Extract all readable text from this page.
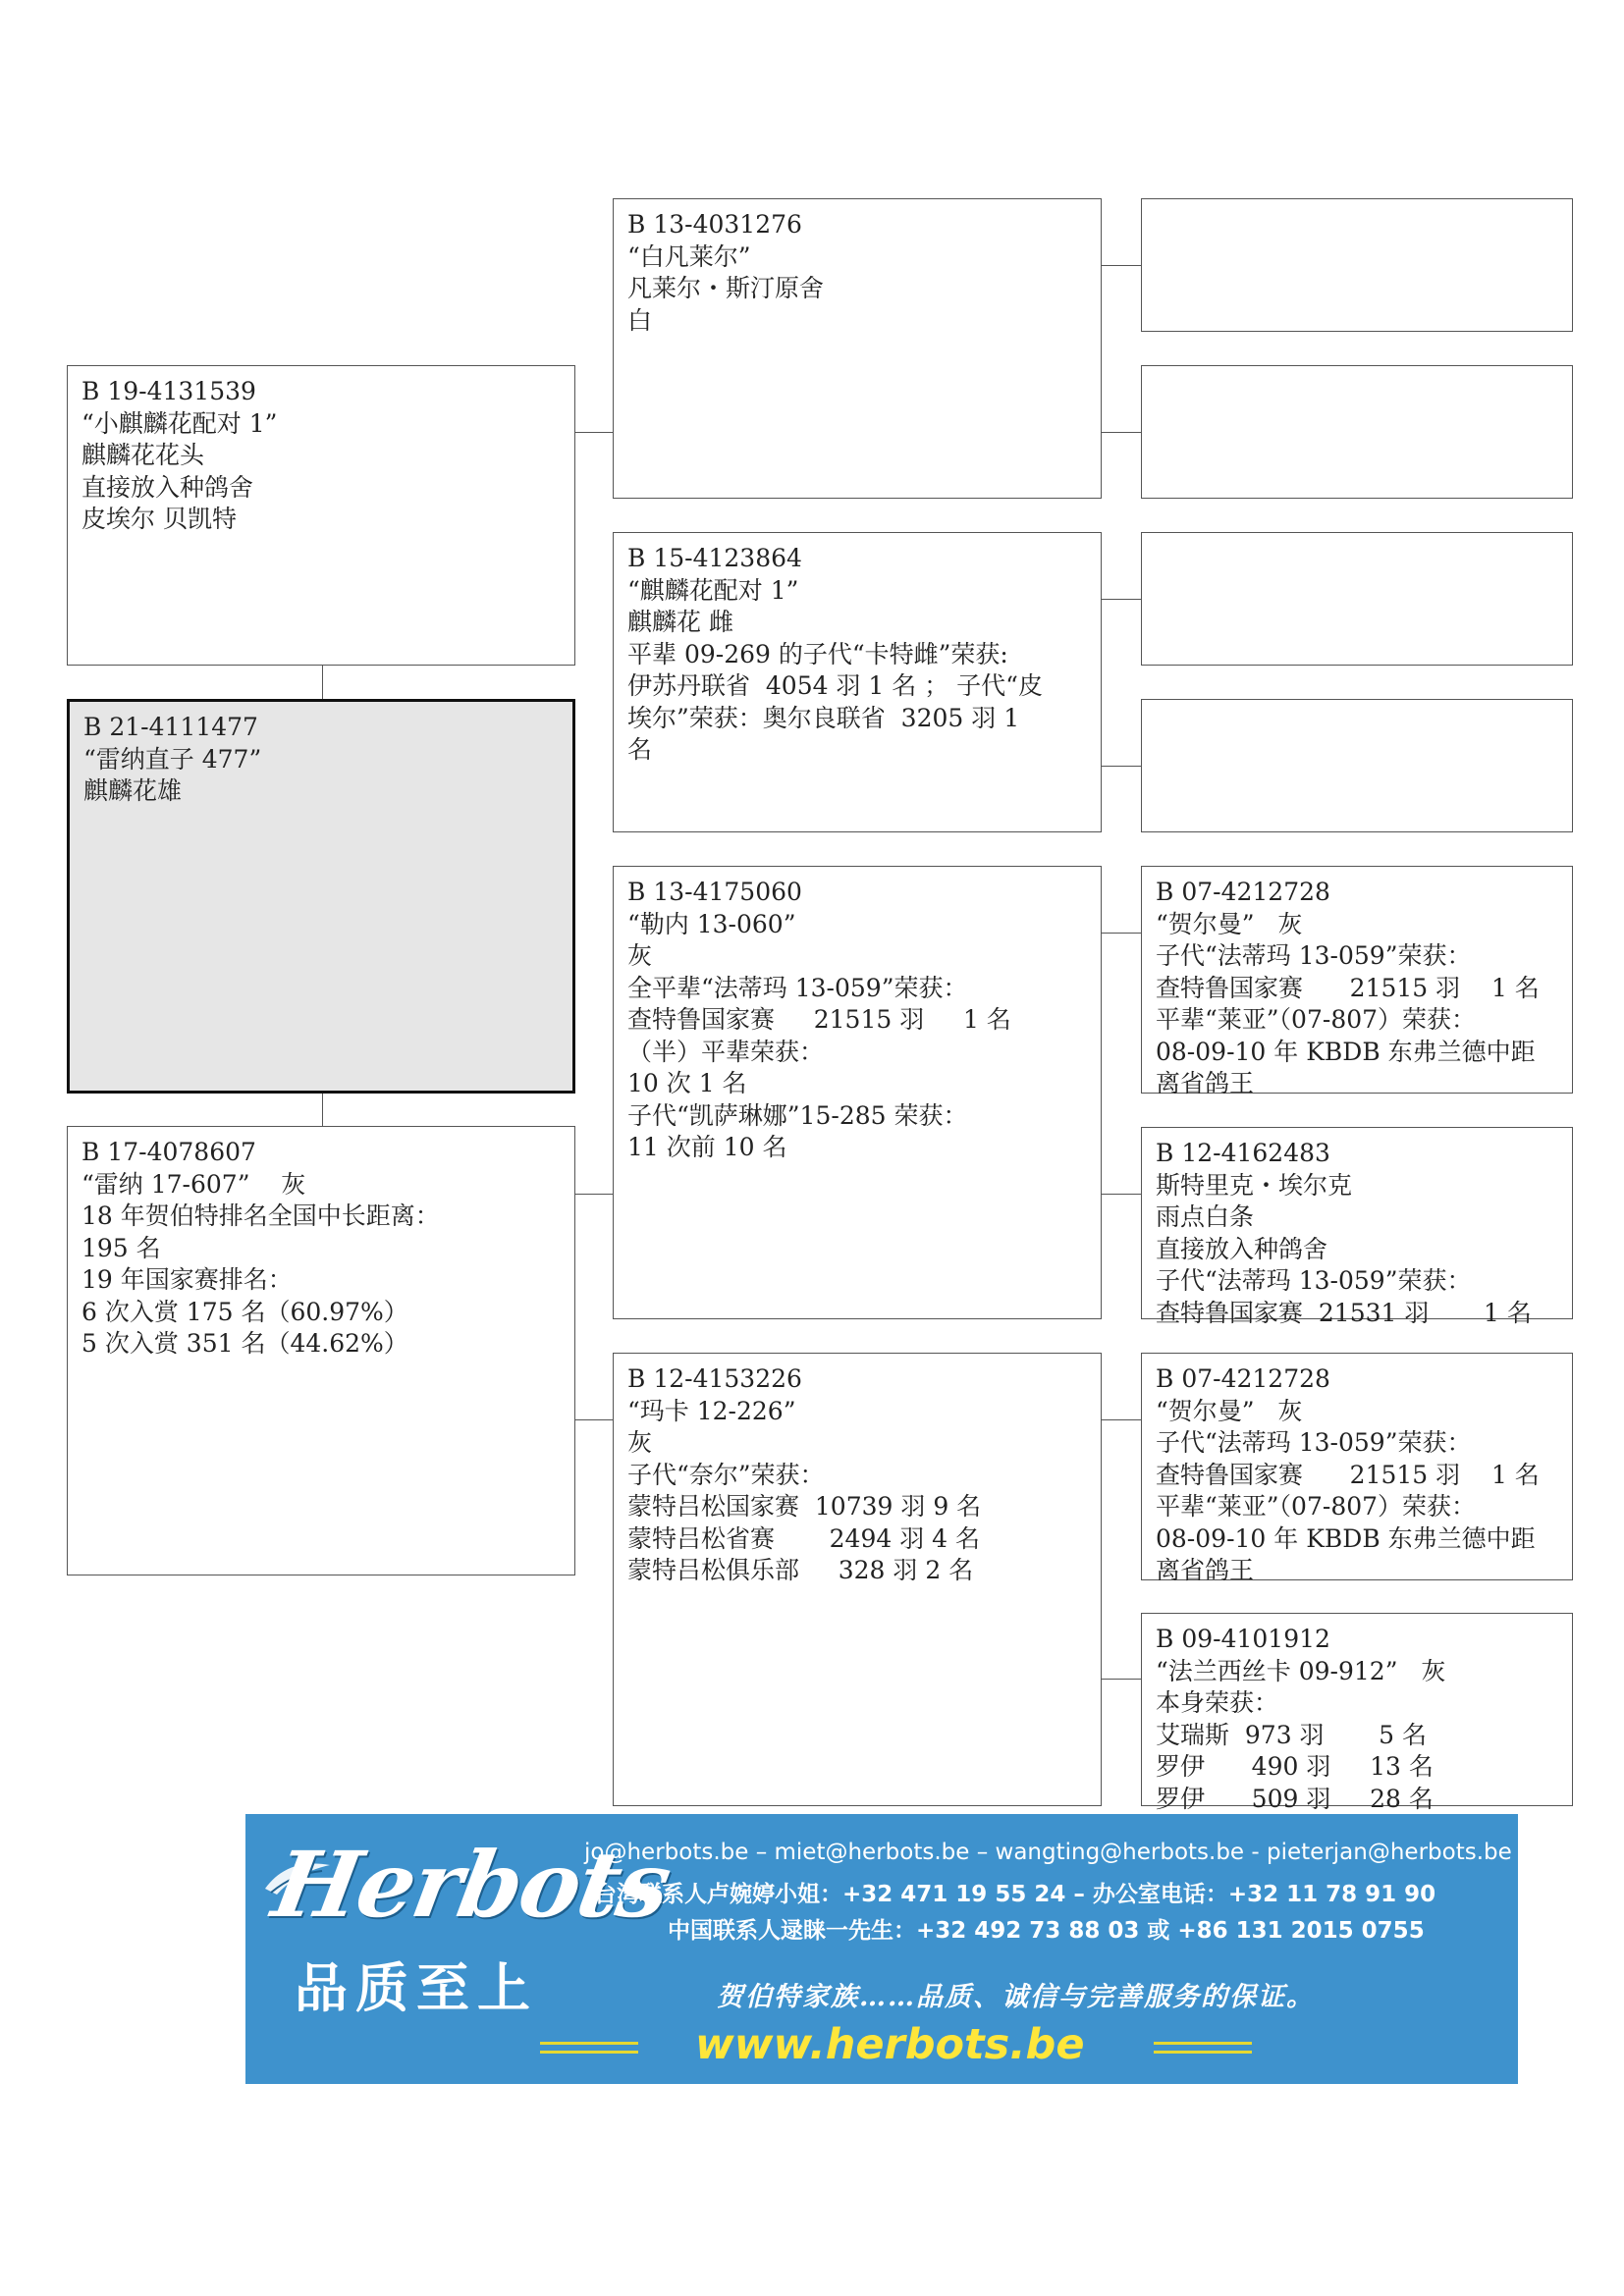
B 19-4131539
“小麒麟花配对 1”
麒麟花花头
直接放入种鸽舍
皮埃尔 贝凯特
B 21-4111477
“雷纳直子 477”
麒麟花雄
B 17-4078607
“雷纳 17-607”    灰
18 年贺伯特排名全国中长距离：
195 名
19 年国家赛排名：
6 次入赏 175 名（60.97%）
5 次入赏 351 名（44.62%）
B 13-4031276
“白凡莱尔”
凡莱尔・斯汀原舍
白
B 15-4123864
“麒麟花配对 1”
麒麟花 雌
平辈 09-269 的子代“卡特雌”荣获:
伊苏丹联省  4054 羽 1 名 ； 子代“皮
埃尔”荣获：奥尔良联省  3205 羽 1
名
B 13-4175060
“勒内 13-060”
灰
全平辈“法蒂玛 13-059”荣获：
查特鲁国家赛     21515 羽     1 名
（半）平辈荣获：
10 次 1 名
子代“凯萨琳娜”15-285 荣获：
11 次前 10 名
B 12-4153226
“玛卡 12-226”
灰
子代“奈尔”荣获：
蒙特吕松国家赛  10739 羽 9 名
蒙特吕松省赛       2494 羽 4 名
蒙特吕松俱乐部     328 羽 2 名
B 07-4212728
“贺尔曼”   灰
子代“法蒂玛 13-059”荣获：
查特鲁国家赛      21515 羽    1 名
平辈“莱亚”（07-807）荣获：
08-09-10 年 KBDB 东弗兰德中距
离省鸽王
B 12-4162483
斯特里克・埃尔克
雨点白条
直接放入种鸽舍
子代“法蒂玛 13-059”荣获：
查特鲁国家赛  21531 羽       1 名
B 07-4212728
“贺尔曼”   灰
子代“法蒂玛 13-059”荣获：
查特鲁国家赛      21515 羽    1 名
平辈“莱亚”（07-807）荣获：
08-09-10 年 KBDB 东弗兰德中距
离省鸽王
B 09-4101912
“法兰西丝卡 09-912”   灰
本身荣获：
艾瑞斯  973 羽       5 名
罗伊      490 羽     13 名
罗伊      509 羽     28 名
Herbots
品质至上
jo@herbots.be – miet@herbots.be – wangting@herbots.be - pieterjan@herbots.be
台湾联系人卢婉婷小姐：+32 471 19 55 24 – 办公室电话：+32 11 78 91 90
中国联系人逯睐一先生：+32 492 73 88 03 或 +86 131 2015 0755
贺伯特家族……品质、诚信与完善服务的保证。
www.herbots.be
